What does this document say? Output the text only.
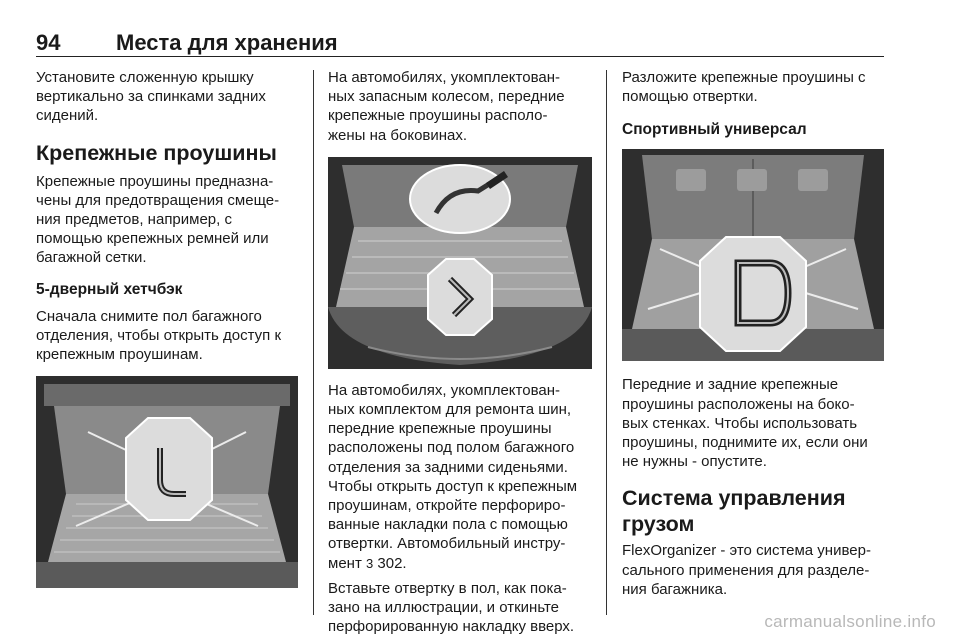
94	Места для хранения

Установите сложенную крышку
вертикально за спинками задних
сидений.

Крепежные проушины

Крепежные проушины предназна-
чены для предотвращения смеще-
ния предметов, например, с
помощью крепежных ремней или
багажной сетки.

5-дверный хетчбэк

Сначала снимите пол багажного
отделения, чтобы открыть доступ к
крепежным проушинам.

На автомобилях, укомплектован-
ных запасным колесом, передние
крепежные проушины располо-
жены на боковинах.

На автомобилях, укомплектован-
ных комплектом для ремонта шин,
передние крепежные проушины
расположены под полом багажного
отделения за задними сиденьями.
Чтобы открыть доступ к крепежным
проушинам, откройте перфориро-
ванные накладки пола с помощью
отвертки. Автомобильный инстру-
мент 3 302.

Вставьте отвертку в пол, как пока-
зано на иллюстрации, и откиньте
перфорированную накладку вверх.

Разложите крепежные проушины с
помощью отвертки.

Спортивный универсал

Передние и задние крепежные
проушины расположены на боко-
вых стенках. Чтобы использовать
проушины, поднимите их, если они
не нужны - опустите.

Система управления
грузом

FlexOrganizer - это система универ-
сального применения для разделе-
ния багажника.

carmanualsonline.info
